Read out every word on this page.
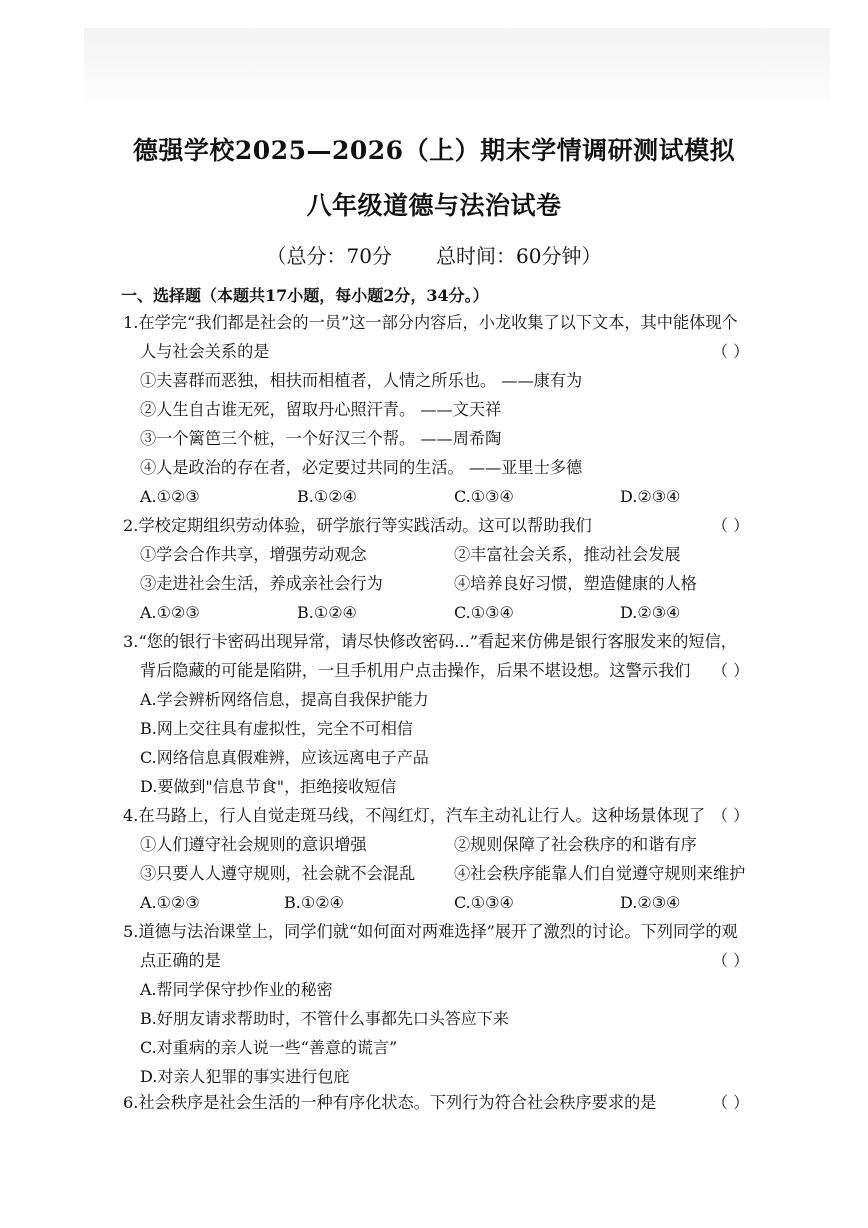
德强学校2025—2026（上）期末学情调研测试模拟
八年级道德与法治试卷
（总分：70分 总时间：60分钟）
一、选择题（本题共17小题，每小题2分，34分。）
1.在学完“我们都是社会的一员”这一部分内容后，小龙收集了以下文本，其中能体现个
人与社会关系的是	（ ）
①夫喜群而恶独，相扶而相植者，人情之所乐也。 ——康有为
②人生自古谁无死，留取丹心照汗青。 ——文天祥
③一个篱笆三个桩，一个好汉三个帮。 ——周希陶
④人是政治的存在者，必定要过共同的生活。 ——亚里士多德
A.①②③	B.①②④	C.①③④	D.②③④
2.学校定期组织劳动体验，研学旅行等实践活动。这可以帮助我们	（ ）
①学会合作共享，增强劳动观念	②丰富社会关系，推动社会发展
③走进社会生活，养成亲社会行为	④培养良好习惯，塑造健康的人格
A.①②③	B.①②④	C.①③④	D.②③④
3.“您的银行卡密码出现异常，请尽快修改密码...”看起来仿佛是银行客服发来的短信，
背后隐藏的可能是陷阱，一旦手机用户点击操作，后果不堪设想。这警示我们 （ ）
A.学会辨析网络信息，提高自我保护能力
B.网上交往具有虚拟性，完全不可相信
C.网络信息真假难辨，应该远离电子产品
D.要做到"信息节食"，拒绝接收短信
4.在马路上，行人自觉走斑马线，不闯红灯，汽车主动礼让行人。这种场景体现了 （ ）
①人们遵守社会规则的意识增强	②规则保障了社会秩序的和谐有序
③只要人人遵守规则，社会就不会混乱 ④社会秩序能靠人们自觉遵守规则来维护
A.①②③	B.①②④	C.①③④	D.②③④
5.道德与法治课堂上，同学们就“如何面对两难选择”展开了激烈的讨论。下列同学的观
点正确的是	（ ）
A.帮同学保守抄作业的秘密
B.好朋友请求帮助时，不管什么事都先口头答应下来
C.对重病的亲人说一些“善意的谎言”
D.对亲人犯罪的事实进行包庇
6.社会秩序是社会生活的一种有序化状态。下列行为符合社会秩序要求的是	（ ）
